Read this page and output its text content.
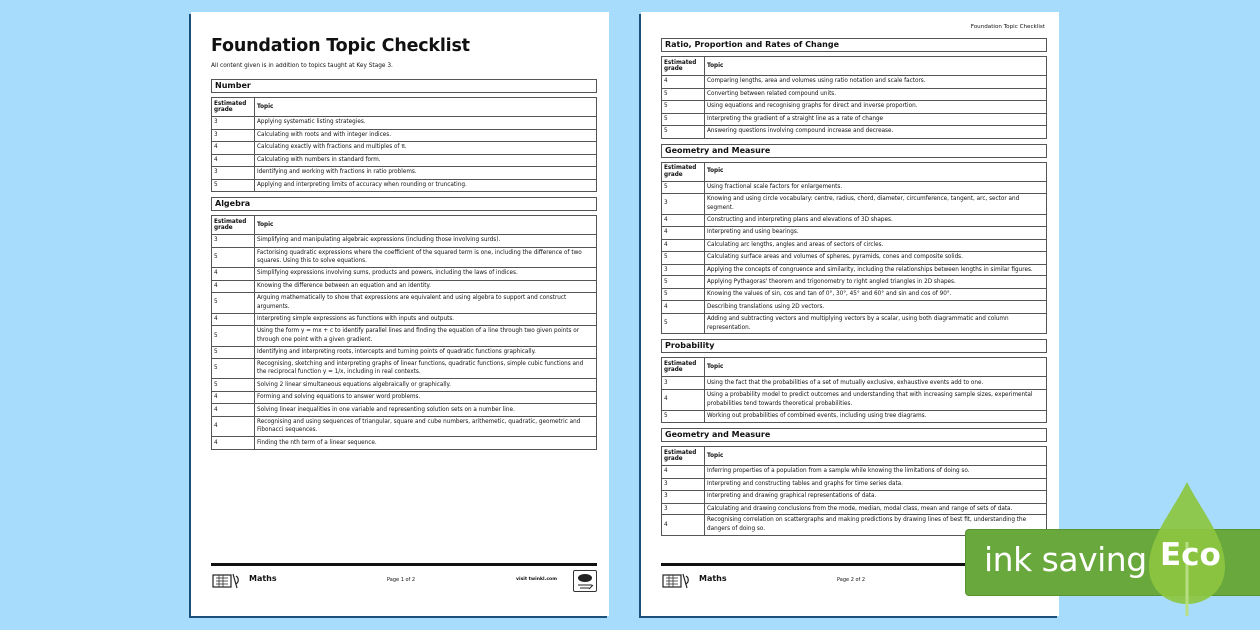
Foundation Topic Checklist
All content given is in addition to topics taught at Key Stage 3.
Number
Estimated grade	Topic
3	Applying systematic listing strategies.
3	Calculating with roots and with integer indices.
4	Calculating exactly with fractions and multiples of π.
4	Calculating with numbers in standard form.
3	Identifying and working with fractions in ratio problems.
5	Applying and interpreting limits of accuracy when rounding or truncating.
Algebra
Estimated grade	Topic
3	Simplifying and manipulating algebraic expressions (including those involving surds).
5	Factorising quadratic expressions where the coefficient of the squared term is one, including the difference of two squares. Using this to solve equations.
4	Simplifying expressions involving sums, products and powers, including the laws of indices.
4	Knowing the difference between an equation and an identity.
5	Arguing mathematically to show that expressions are equivalent and using algebra to support and construct arguments.
4	Interpreting simple expressions as functions with inputs and outputs.
5	Using the form y = mx + c to identify parallel lines and finding the equation of a line through two given points or through one point with a given gradient.
5	Identifying and interpreting roots, intercepts and turning points of quadratic functions graphically.
5	Recognising, sketching and interpreting graphs of linear functions, quadratic functions, simple cubic functions and the reciprocal function y = 1/x, including in real contexts.
5	Solving 2 linear simultaneous equations algebraically or graphically.
4	Forming and solving equations to answer word problems.
4	Solving linear inequalities in one variable and representing solution sets on a number line.
4	Recognising and using sequences of triangular, square and cube numbers, arithemetic, quadratic, geometric and Fibonacci sequences.
4	Finding the nth term of a linear sequence.
Maths	Page 1 of 2	visit twinkl.com
Foundation Topic Checklist
Ratio, Proportion and Rates of Change
Estimated grade	Topic
4	Comparing lengths, area and volumes using ratio notation and scale factors.
5	Converting between related compound units.
5	Using equations and recognising graphs for direct and inverse proportion.
5	Interpreting the gradient of a straight line as a rate of change
5	Answering questions involving compound increase and decrease.
Geometry and Measure
Estimated grade	Topic
5	Using fractional scale factors for enlargements.
3	Knowing and using circle vocabulary: centre, radius, chord, diameter, circumference, tangent, arc, sector and segment.
4	Constructing and interpreting plans and elevations of 3D shapes.
4	Interpreting and using bearings.
4	Calculating arc lengths, angles and areas of sectors of circles.
5	Calculating surface areas and volumes of spheres, pyramids, cones and composite solids.
3	Applying the concepts of congruence and similarity, including the relationships between lengths in similar figures.
5	Applying Pythagoras' theorem and trigonometry to right angled triangles in 2D shapes.
5	Knowing the values of sin, cos and tan of 0°, 30°, 45° and 60° and sin and cos of 90°.
4	Describing translations using 2D vectors.
5	Adding and subtracting vectors and multiplying vectors by a scalar, using both diagrammatic and column representation.
Probability
Estimated grade	Topic
3	Using the fact that the probabilities of a set of mutually exclusive, exhaustive events add to one.
4	Using a probability model to predict outcomes and understanding that with increasing sample sizes, experimental probabilities tend towards theoretical probabilities.
5	Working out probabilities of combined events, including using tree diagrams.
Geometry and Measure
Estimated grade	Topic
4	Inferring properties of a population from a sample while knowing the limitations of doing so.
3	Interpreting and constructing tables and graphs for time series data.
3	Interpreting and drawing graphical representations of data.
3	Calculating and drawing conclusions from the mode, median, modal class, mean and range of sets of data.
4	Recognising correlation on scattergraphs and making predictions by drawing lines of best fit, understanding the dangers of doing so.
Maths	Page 2 of 2
ink saving Eco
